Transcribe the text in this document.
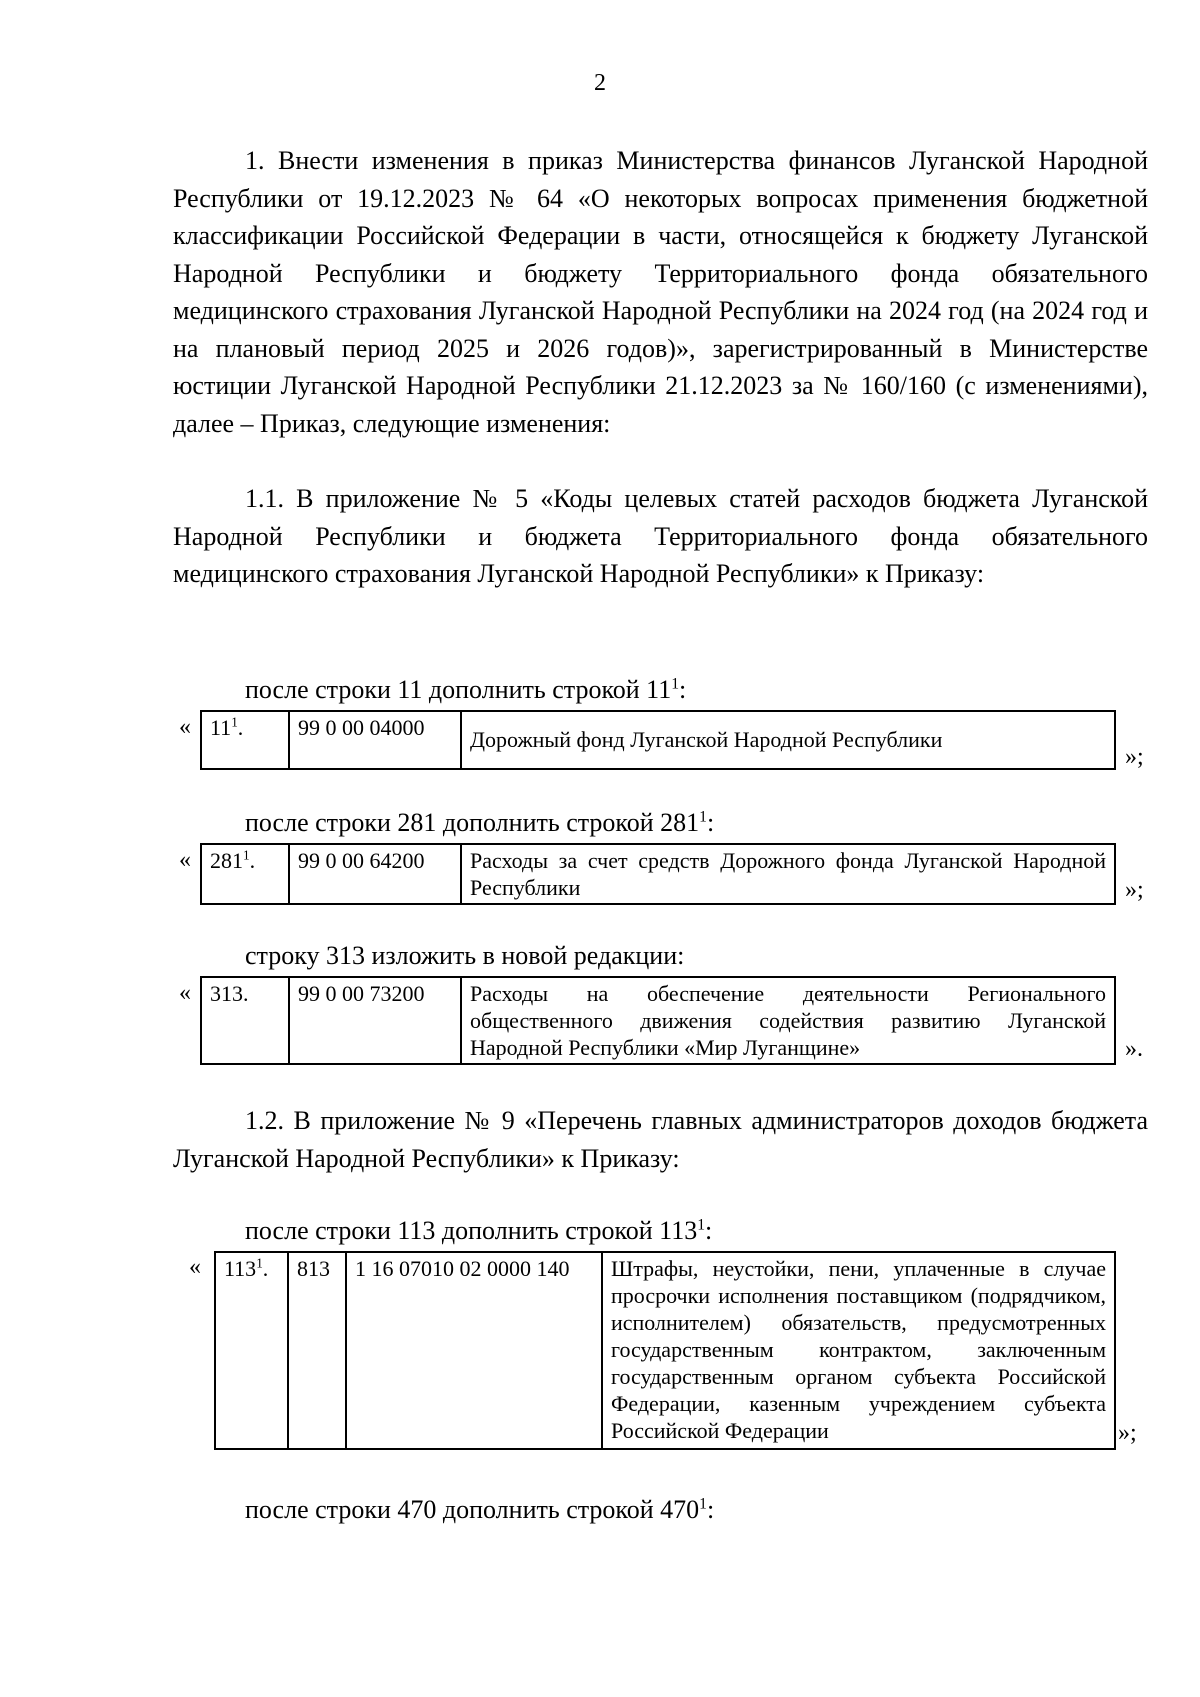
2

1. Внести изменения в приказ Министерства финансов Луганской Народной Республики от 19.12.2023 № 64 «О некоторых вопросах применения бюджетной классификации Российской Федерации в части, относящейся к бюджету Луганской Народной Республики и бюджету Территориального фонда обязательного медицинского страхования Луганской Народной Республики на 2024 год (на 2024 год и на плановый период 2025 и 2026 годов)», зарегистрированный в Министерстве юстиции Луганской Народной Республики 21.12.2023 за № 160/160 (с изменениями), далее – Приказ, следующие изменения:

1.1. В приложение № 5 «Коды целевых статей расходов бюджета Луганской Народной Республики и бюджета Территориального фонда обязательного медицинского страхования Луганской Народной Республики» к Приказу:

после строки 11 дополнить строкой $11^1$:
« $11^1$.	99 0 00 04000	Дорожный фонд Луганской Народной Республики
»;
после строки 281 дополнить строкой $281^1$:
« $281^1$.	99 0 00 64200	Расходы за счет средств Дорожного фонда Луганской Народной Республики	»;
строку 313 изложить в новой редакции:
« 313.	99 0 00 73200	Расходы на обеспечение деятельности Регионального общественного движения содействия развитию Луганской Народной Республики «Мир Луганщине»	».

1.2. В приложение № 9 «Перечень главных администраторов доходов бюджета Луганской Народной Республики» к Приказу:

после строки 113 дополнить строкой $113^1$:
« $113^1$.	813	1 16 07010 02 0000 140	Штрафы, неустойки, пени, уплаченные в случае просрочки исполнения поставщиком (подрядчиком, исполнителем) обязательств, предусмотренных государственным контрактом, заключенным государственным органом субъекта Российской Федерации, казенным учреждением субъекта Российской Федерации	»;
после строки 470 дополнить строкой $470^1$:
